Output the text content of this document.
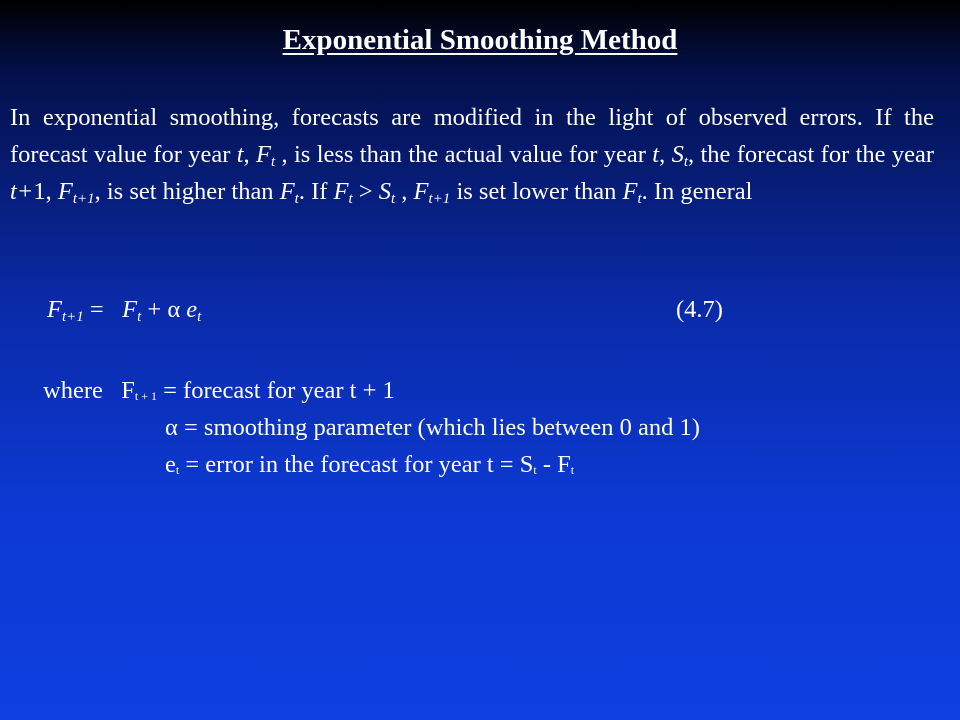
Exponential Smoothing Method

In exponential smoothing, forecasts are modified in the light of observed errors. If the forecast value for year t, $F_t$ , is less than the actual value for year t, $S_t$, the forecast for the year t+1, $F_{t+1}$, is set higher than $F_t$. If $F_t > S_t$ , $F_{t+1}$ is set lower than $F_t$. In general

$F_{t+1} = F_t + \alpha$ $e_t$	(4.7)
where $F_{t + 1}$ = forecast for year t + 1
α = smoothing parameter (which lies between 0 and 1)
$e_t$ = error in the forecast for year $t = S_t - F_t$
